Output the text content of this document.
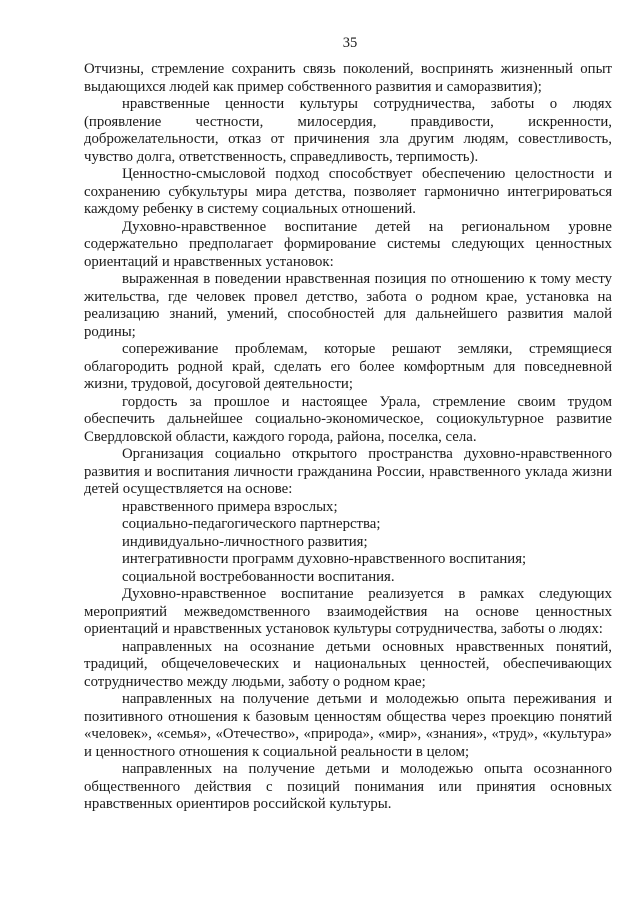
35

Отчизны, стремление сохранить связь поколений, воспринять жизненный опыт выдающихся людей как пример собственного развития и саморазвития);

нравственные ценности культуры сотрудничества, заботы о людях (проявление честности, милосердия, правдивости, искренности, доброжелательности, отказ от причинения зла другим людям, совестливость, чувство долга, ответственность, справедливость, терпимость).

Ценностно-смысловой подход способствует обеспечению целостности и сохранению субкультуры мира детства, позволяет гармонично интегрироваться каждому ребенку в систему социальных отношений.

Духовно-нравственное воспитание детей на региональном уровне содержательно предполагает формирование системы следующих ценностных ориентаций и нравственных установок:

выраженная в поведении нравственная позиция по отношению к тому месту жительства, где человек провел детство, забота о родном крае, установка на реализацию знаний, умений, способностей для дальнейшего развития малой родины;

сопереживание проблемам, которые решают земляки, стремящиеся облагородить родной край, сделать его более комфортным для повседневной жизни, трудовой, досуговой деятельности;

гордость за прошлое и настоящее Урала, стремление своим трудом обеспечить дальнейшее социально-экономическое, социокультурное развитие Свердловской области, каждого города, района, поселка, села.

Организация социально открытого пространства духовно-нравственного развития и воспитания личности гражданина России, нравственного уклада жизни детей осуществляется на основе:

нравственного примера взрослых;

социально-педагогического партнерства;

индивидуально-личностного развития;

интегративности программ духовно-нравственного воспитания;

социальной востребованности воспитания.

Духовно-нравственное воспитание реализуется в рамках следующих мероприятий межведомственного взаимодействия на основе ценностных ориентаций и нравственных установок культуры сотрудничества, заботы о людях:

направленных на осознание детьми основных нравственных понятий, традиций, общечеловеческих и национальных ценностей, обеспечивающих сотрудничество между людьми, заботу о родном крае;

направленных на получение детьми и молодежью опыта переживания и позитивного отношения к базовым ценностям общества через проекцию понятий «человек», «семья», «Отечество», «природа», «мир», «знания», «труд», «культура» и ценностного отношения к социальной реальности в целом;

направленных на получение детьми и молодежью опыта осознанного общественного действия с позиций понимания или принятия основных нравственных ориентиров российской культуры.
